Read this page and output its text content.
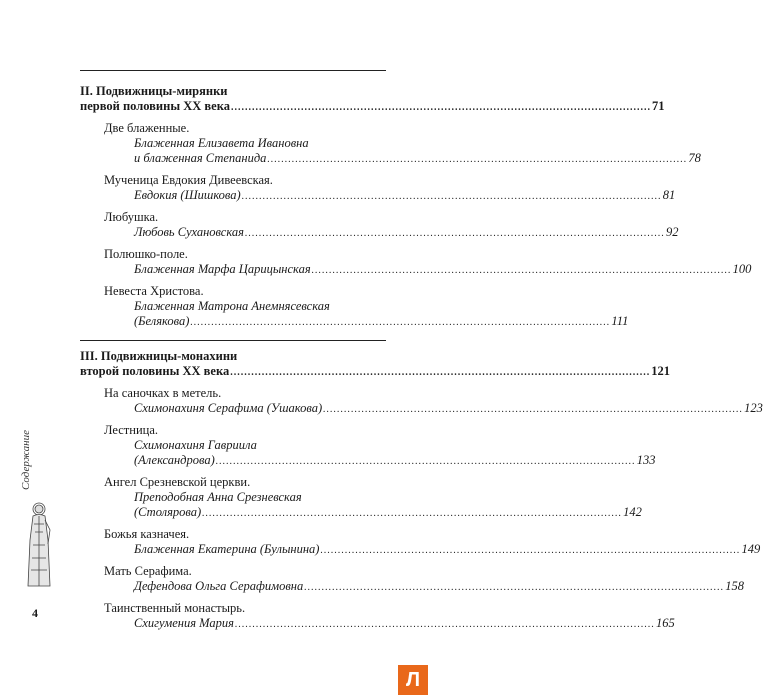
II. Подвижницы-мирянки
первой половины XX века ........................................................................................................................ 71
Две блаженные.
Блаженная Елизавета Ивановна
и блаженная Степанида ........................................................................................................................ 78
Мученица Евдокия Дивеевская.
Евдокия (Шишкова) ........................................................................................................................ 81
Любушка.
Любовь Сухановская ........................................................................................................................ 92
Полюшко-поле.
Блаженная Марфа Царицынская ........................................................................................................................ 100
Невеста Христова.
Блаженная Матрона Анемнясевская
(Белякова) ........................................................................................................................ 111
III. Подвижницы-монахини
второй половины XX века ........................................................................................................................ 121
На саночках в метель.
Схимонахиня Серафима (Ушакова) ........................................................................................................................ 123
Лестница.
Схимонахиня Гавриила
(Александрова) ........................................................................................................................ 133
Ангел Срезневской церкви.
Преподобная Анна Срезневская
(Столярова) ........................................................................................................................ 142
Божья казначея.
Блаженная Екатерина (Булынина) ........................................................................................................................ 149
Мать Серафима.
Дефендова Ольга Серафимовна ........................................................................................................................ 158
Таинственный монастырь.
Схигумения Мария ........................................................................................................................ 165
Содержание
4
Л
